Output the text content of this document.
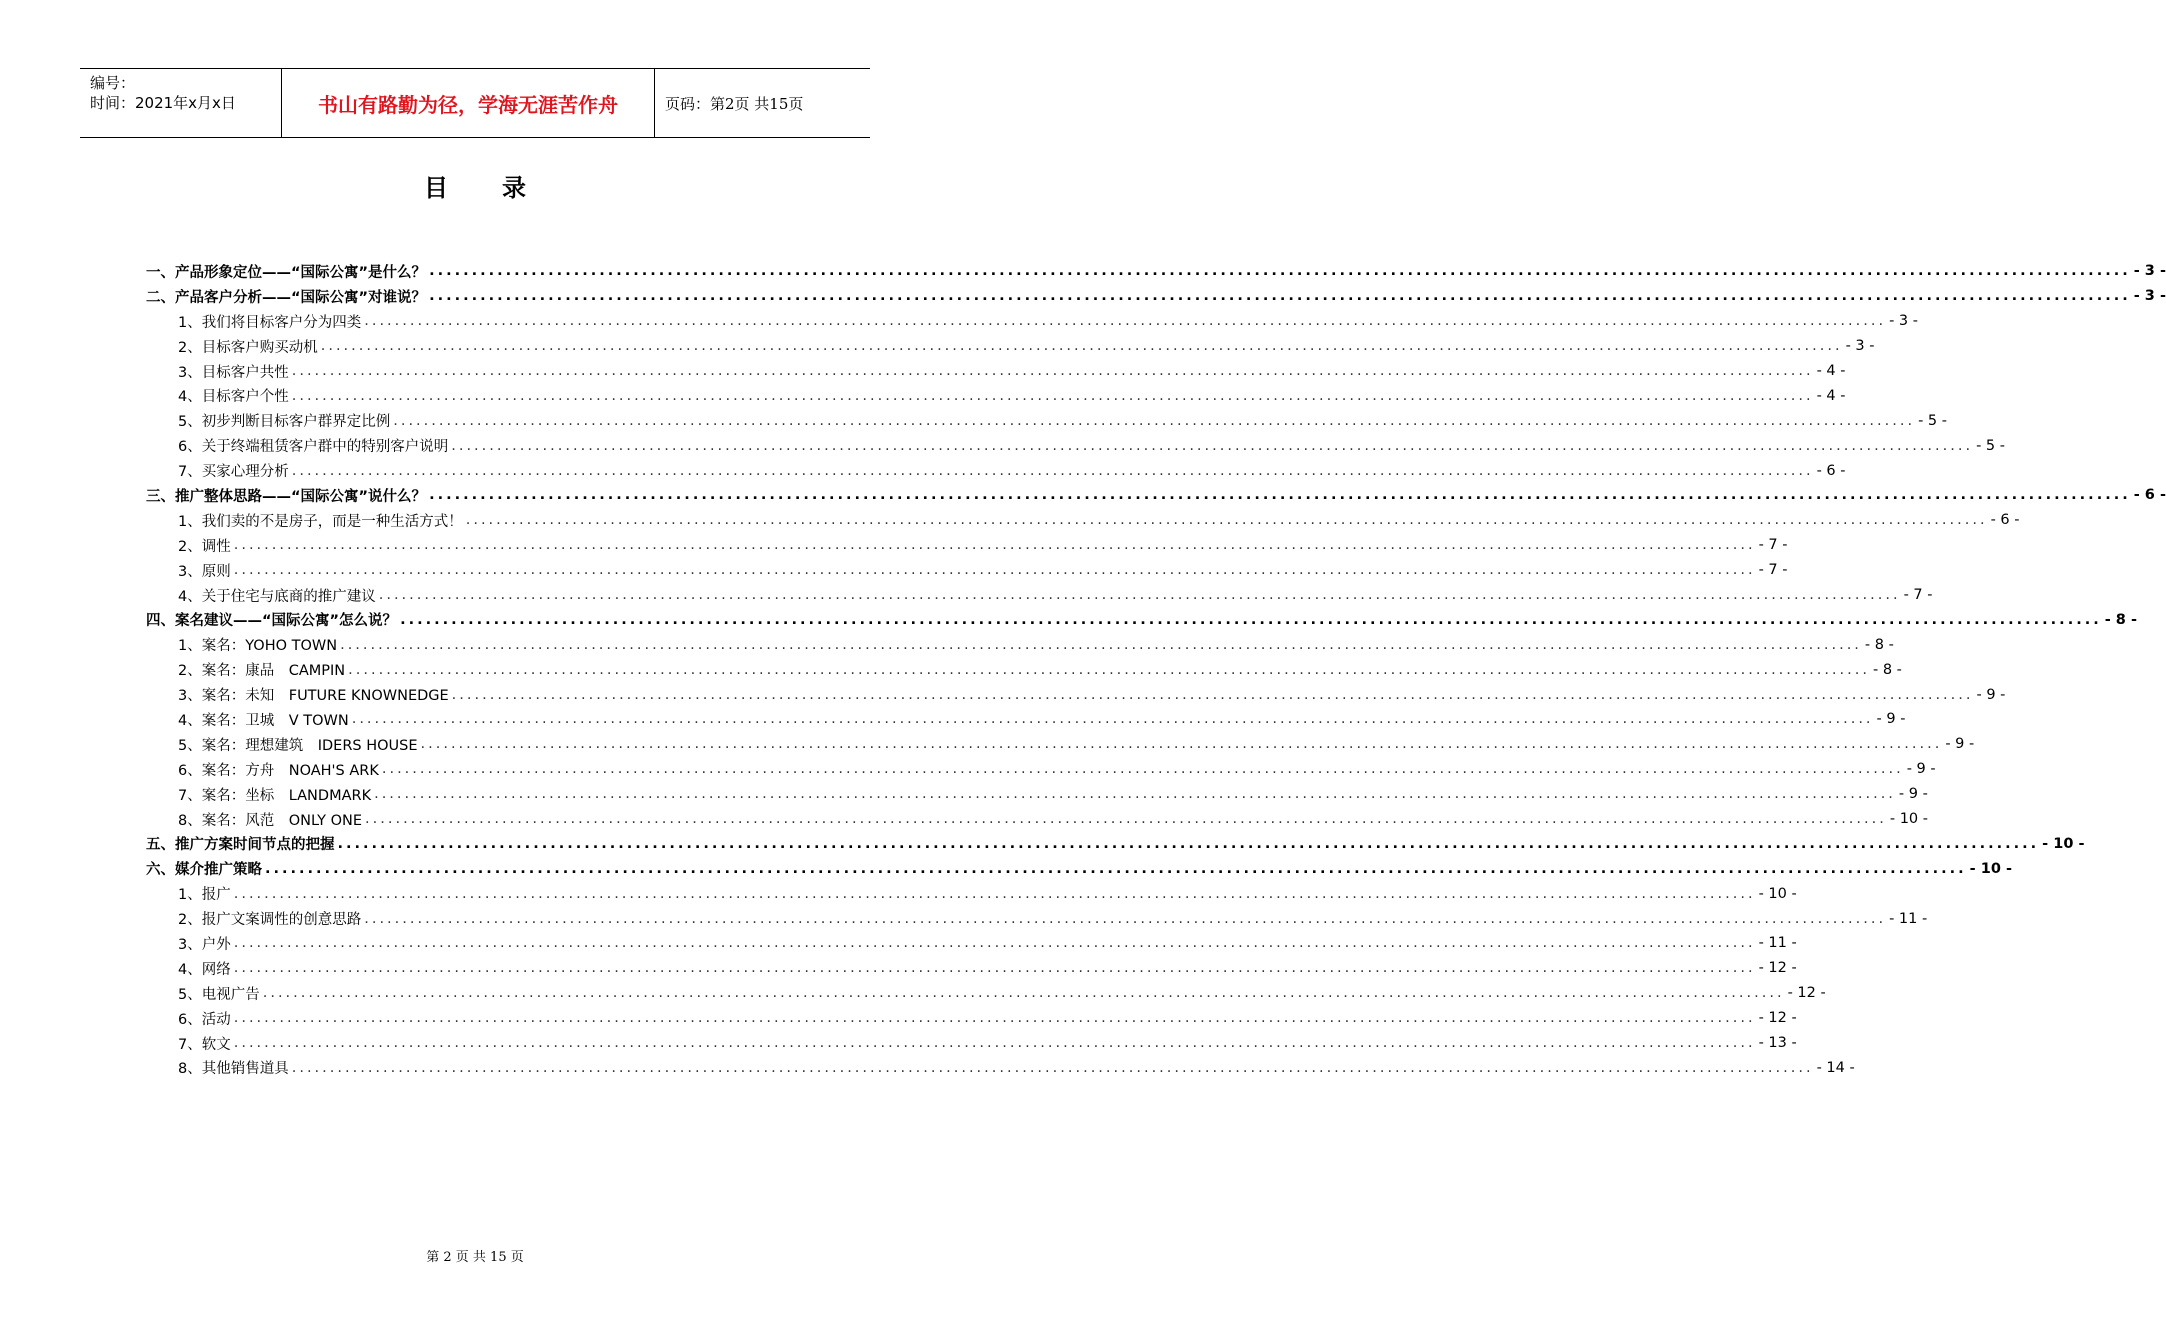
编号：
时间：2021年x月x日	书山有路勤为径，学海无涯苦作舟	页码：第2页 共15页
目 录
一、产品形象定位——“国际公寓”是什么？ ........................................................................................................................................................................................................ - 3 -
二、产品客户分析——“国际公寓”对谁说？ ........................................................................................................................................................................................................ - 3 -
1、我们将目标客户分为四类 ........................................................................................................................................................................................................ - 3 -
2、目标客户购买动机 ........................................................................................................................................................................................................ - 3 -
3、目标客户共性 ........................................................................................................................................................................................................ - 4 -
4、目标客户个性 ........................................................................................................................................................................................................ - 4 -
5、初步判断目标客户群界定比例 ........................................................................................................................................................................................................ - 5 -
6、关于终端租赁客户群中的特别客户说明 ........................................................................................................................................................................................................ - 5 -
7、买家心理分析 ........................................................................................................................................................................................................ - 6 -
三、推广整体思路——“国际公寓”说什么？ ........................................................................................................................................................................................................ - 6 -
1、我们卖的不是房子，而是一种生活方式！ ........................................................................................................................................................................................................ - 6 -
2、调性 ........................................................................................................................................................................................................ - 7 -
3、原则 ........................................................................................................................................................................................................ - 7 -
4、关于住宅与底商的推广建议 ........................................................................................................................................................................................................ - 7 -
四、案名建议——“国际公寓”怎么说？ ........................................................................................................................................................................................................ - 8 -
1、案名：YOHO TOWN ........................................................................................................................................................................................................ - 8 -
2、案名：康品　CAMPIN ........................................................................................................................................................................................................ - 8 -
3、案名：未知　FUTURE KNOWNEDGE ........................................................................................................................................................................................................ - 9 -
4、案名：卫城　V TOWN ........................................................................................................................................................................................................ - 9 -
5、案名：理想建筑　IDERS HOUSE ........................................................................................................................................................................................................ - 9 -
6、案名：方舟　NOAH'S ARK ........................................................................................................................................................................................................ - 9 -
7、案名：坐标　LANDMARK ........................................................................................................................................................................................................ - 9 -
8、案名：风范　ONLY ONE ........................................................................................................................................................................................................ - 10 -
五、推广方案时间节点的把握 ........................................................................................................................................................................................................ - 10 -
六、媒介推广策略 ........................................................................................................................................................................................................ - 10 -
1、报广 ........................................................................................................................................................................................................ - 10 -
2、报广文案调性的创意思路 ........................................................................................................................................................................................................ - 11 -
3、户外 ........................................................................................................................................................................................................ - 11 -
4、网络 ........................................................................................................................................................................................................ - 12 -
5、电视广告 ........................................................................................................................................................................................................ - 12 -
6、活动 ........................................................................................................................................................................................................ - 12 -
7、软文 ........................................................................................................................................................................................................ - 13 -
8、其他销售道具 ........................................................................................................................................................................................................ - 14 -
第 2 页 共 15 页
